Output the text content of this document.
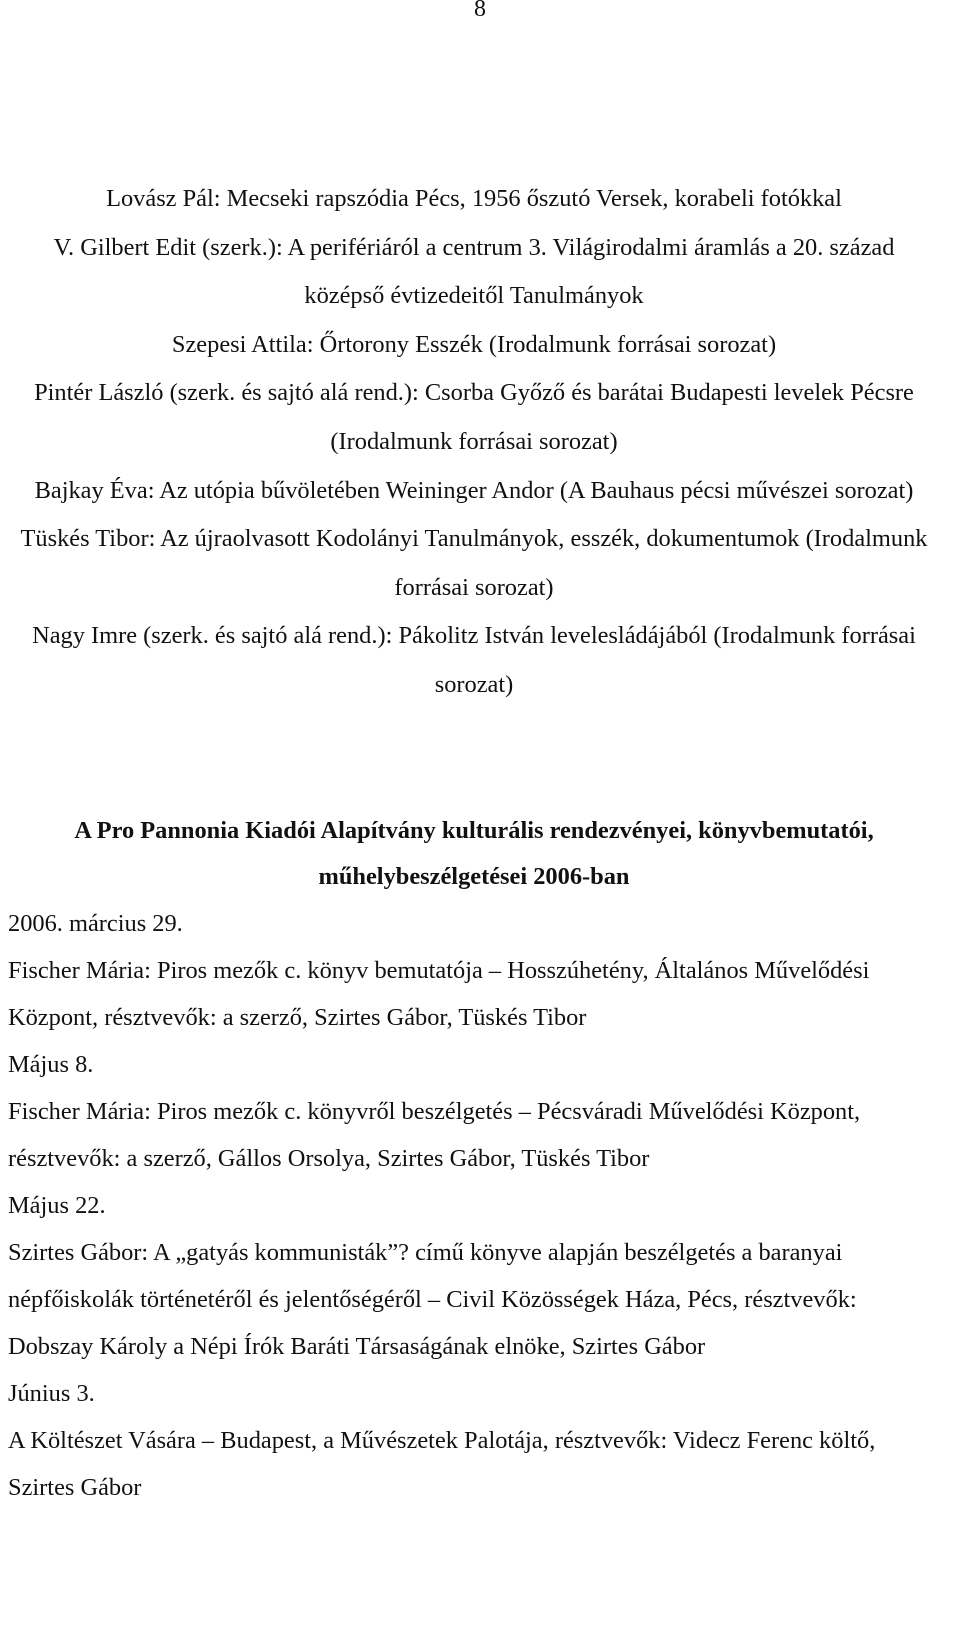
8
Lovász Pál: Mecseki rapszódia Pécs, 1956 őszutó Versek, korabeli fotókkal
V. Gilbert Edit (szerk.): A perifériáról a centrum 3. Világirodalmi áramlás a 20. század középső évtizedeitől Tanulmányok
Szepesi Attila: Őrtorony Esszék (Irodalmunk forrásai sorozat)
Pintér László (szerk. és sajtó alá rend.): Csorba Győző és barátai Budapesti levelek Pécsre (Irodalmunk forrásai sorozat)
Bajkay Éva: Az utópia bűvöletében Weininger Andor (A Bauhaus pécsi művészei sorozat)
Tüskés Tibor: Az újraolvasott Kodolányi Tanulmányok, esszék, dokumentumok (Irodalmunk forrásai sorozat)
Nagy Imre (szerk. és sajtó alá rend.): Pákolitz István levelesládájából (Irodalmunk forrásai sorozat)
A Pro Pannonia Kiadói Alapítvány kulturális rendezvényei, könyvbemutatói, műhelybeszélgetései 2006-ban
2006. március 29.
Fischer Mária: Piros mezők c. könyv bemutatója – Hosszúhetény, Általános Művelődési Központ, résztvevők: a szerző, Szirtes Gábor, Tüskés Tibor
Május 8.
Fischer Mária: Piros mezők c. könyvről beszélgetés – Pécsváradi Művelődési Központ, résztvevők: a szerző, Gállos Orsolya, Szirtes Gábor, Tüskés Tibor
Május 22.
Szirtes Gábor: A „gatyás kommunisták”? című könyve alapján beszélgetés a baranyai népfőiskolák történetéről és jelentőségéről – Civil Közösségek Háza, Pécs, résztvevők: Dobszay Károly a Népi Írók Baráti Társaságának elnöke, Szirtes Gábor
Június 3.
A Költészet Vására – Budapest, a Művészetek Palotája, résztvevők: Videcz Ferenc költő, Szirtes Gábor
